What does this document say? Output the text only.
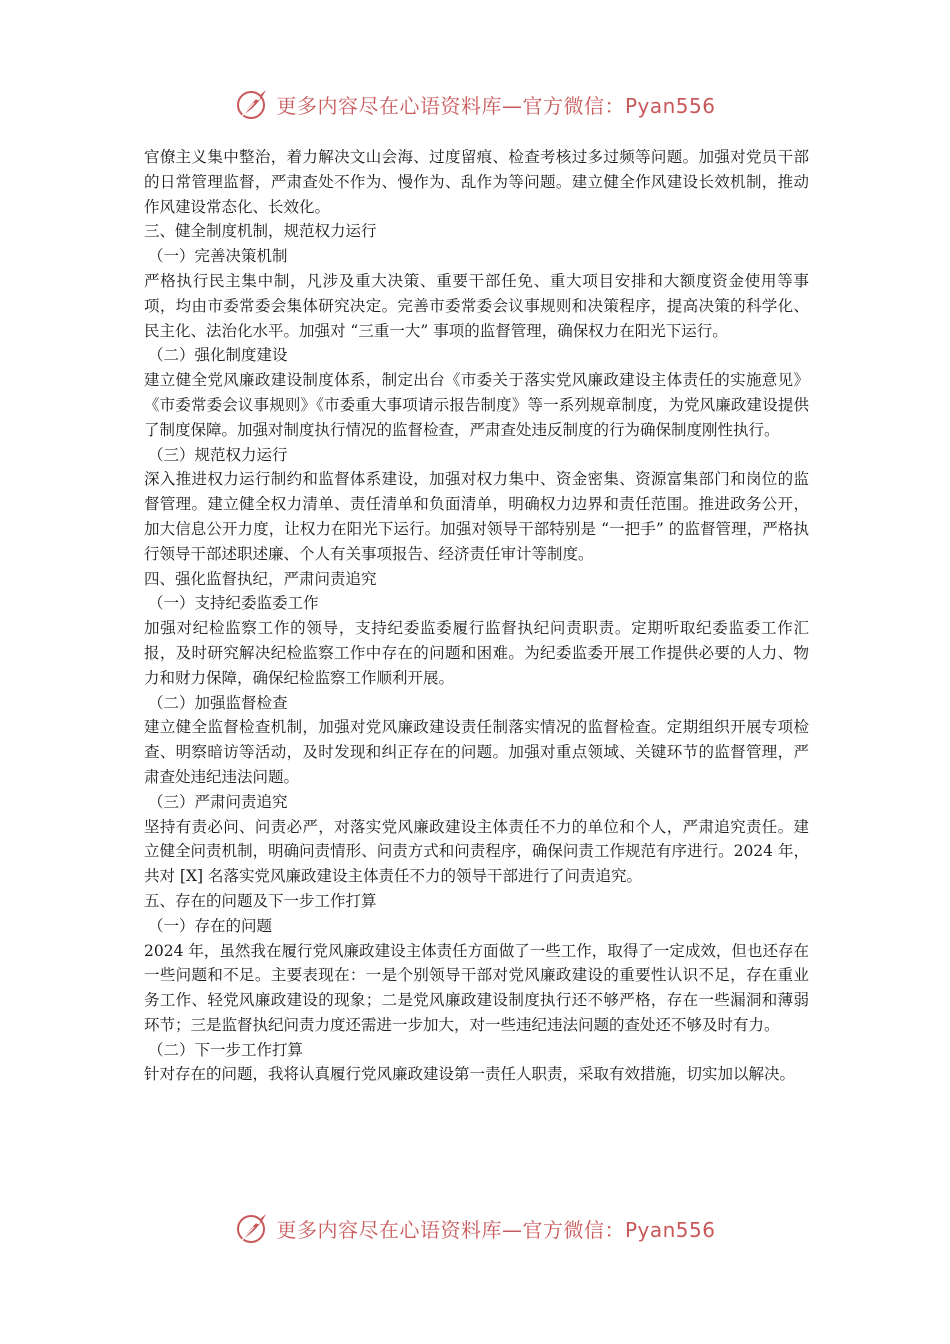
更多内容尽在心语资料库—官方微信：Pyan556

官僚主义集中整治，着力解决文山会海、过度留痕、检查考核过多过频等问题。加强对党员干部的日常管理监督，严肃查处不作为、慢作为、乱作为等问题。建立健全作风建设长效机制，推动作风建设常态化、长效化。

三、健全制度机制，规范权力运行

（一）完善决策机制

严格执行民主集中制，凡涉及重大决策、重要干部任免、重大项目安排和大额度资金使用等事项，均由市委常委会集体研究决定。完善市委常委会议事规则和决策程序，提高决策的科学化、民主化、法治化水平。加强对 “三重一大” 事项的监督管理，确保权力在阳光下运行。

（二）强化制度建设

建立健全党风廉政建设制度体系，制定出台《市委关于落实党风廉政建设主体责任的实施意见》《市委常委会议事规则》《市委重大事项请示报告制度》等一系列规章制度，为党风廉政建设提供了制度保障。加强对制度执行情况的监督检查，严肃查处违反制度的行为确保制度刚性执行。

（三）规范权力运行

深入推进权力运行制约和监督体系建设，加强对权力集中、资金密集、资源富集部门和岗位的监督管理。建立健全权力清单、责任清单和负面清单，明确权力边界和责任范围。推进政务公开，加大信息公开力度，让权力在阳光下运行。加强对领导干部特别是 “一把手” 的监督管理，严格执行领导干部述职述廉、个人有关事项报告、经济责任审计等制度。

四、强化监督执纪，严肃问责追究

（一）支持纪委监委工作

加强对纪检监察工作的领导，支持纪委监委履行监督执纪问责职责。定期听取纪委监委工作汇报，及时研究解决纪检监察工作中存在的问题和困难。为纪委监委开展工作提供必要的人力、物力和财力保障，确保纪检监察工作顺利开展。

（二）加强监督检查

建立健全监督检查机制，加强对党风廉政建设责任制落实情况的监督检查。定期组织开展专项检查、明察暗访等活动，及时发现和纠正存在的问题。加强对重点领域、关键环节的监督管理，严肃查处违纪违法问题。

（三）严肃问责追究

坚持有责必问、问责必严，对落实党风廉政建设主体责任不力的单位和个人，严肃追究责任。建立健全问责机制，明确问责情形、问责方式和问责程序，确保问责工作规范有序进行。2024 年，共对 [X] 名落实党风廉政建设主体责任不力的领导干部进行了问责追究。

五、存在的问题及下一步工作打算

（一）存在的问题

2024 年，虽然我在履行党风廉政建设主体责任方面做了一些工作，取得了一定成效，但也还存在一些问题和不足。主要表现在：一是个别领导干部对党风廉政建设的重要性认识不足，存在重业务工作、轻党风廉政建设的现象；二是党风廉政建设制度执行还不够严格，存在一些漏洞和薄弱环节；三是监督执纪问责力度还需进一步加大，对一些违纪违法问题的查处还不够及时有力。

（二）下一步工作打算

针对存在的问题，我将认真履行党风廉政建设第一责任人职责，采取有效措施，切实加以解决。

更多内容尽在心语资料库—官方微信：Pyan556
